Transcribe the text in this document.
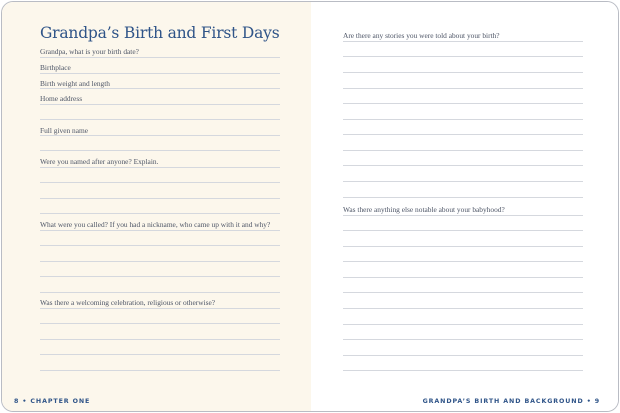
Grandpa’s Birth and First Days
Grandpa, what is your birth date?
Birthplace
Birth weight and length
Home address
Full given name
Were you named after anyone? Explain.
What were you called? If you had a nickname, who came up with it and why?
Was there a welcoming celebration, religious or otherwise?
8 • CHAPTER ONE
Are there any stories you were told about your birth?
Was there anything else notable about your babyhood?
GRANDPA’S BIRTH AND BACKGROUND • 9
